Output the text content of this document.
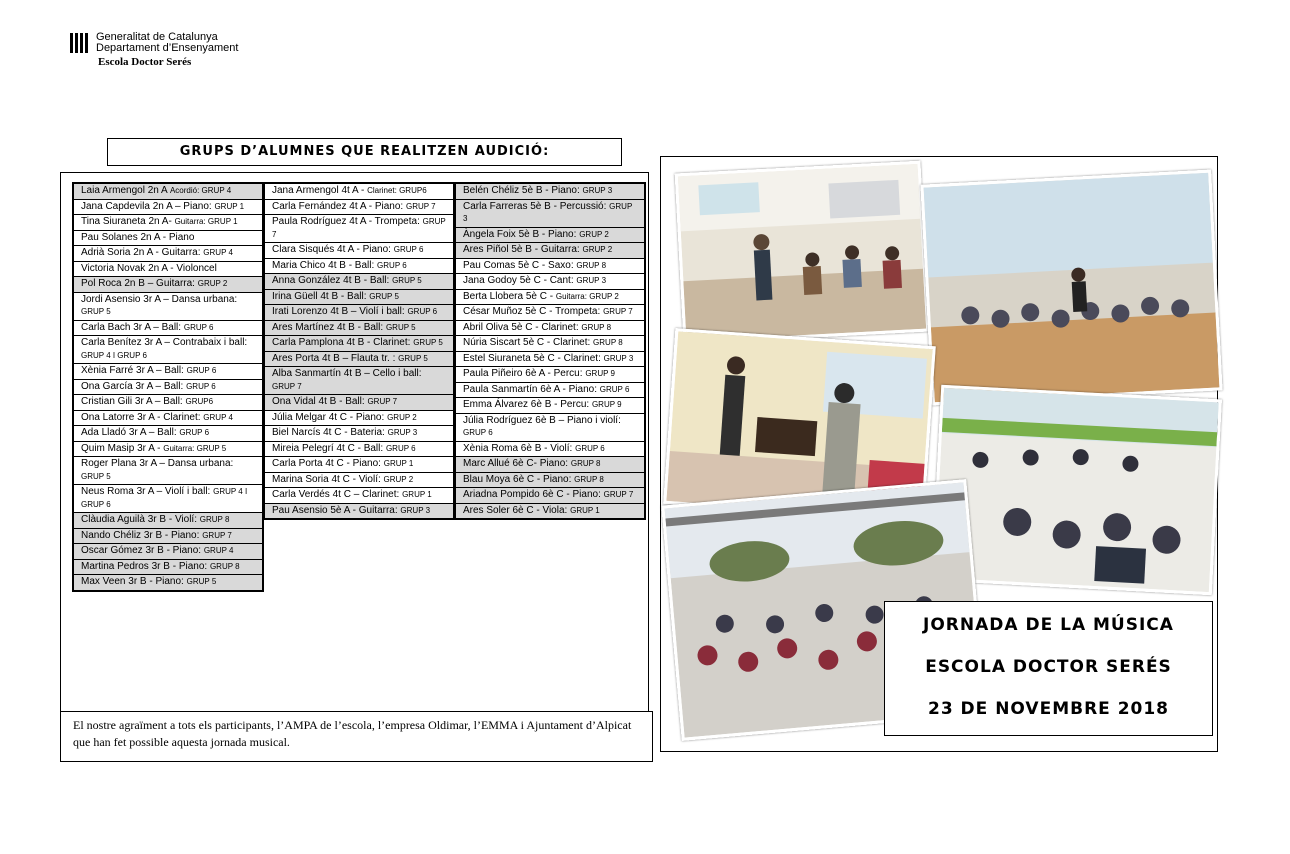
Generalitat de Catalunya
Departament d’Ensenyament
Escola Doctor Serés
GRUPS D’ALUMNES QUE REALITZEN AUDICIÓ:
Laia Armengol 2n A Acordió: GRUP 4
Jana Capdevila 2n A – Piano: GRUP 1
Tina Siuraneta 2n A- Guitarra: GRUP 1
Pau Solanes 2n A - Piano
Adrià Soria 2n A - Guitarra: GRUP 4
Victoria Novak 2n A - Violoncel
Pol Roca 2n B – Guitarra: GRUP 2
Jordi Asensio 3r A – Dansa urbana: GRUP 5
Carla Bach 3r A – Ball: GRUP 6
Carla Benítez 3r A – Contrabaix i ball: GRUP 4 I GRUP 6
Xènia Farré 3r A – Ball: GRUP 6
Ona García 3r A – Ball: GRUP 6
Cristian Gili 3r A – Ball: GRUP6
Ona Latorre 3r A - Clarinet: GRUP 4
Ada Lladó 3r A – Ball: GRUP 6
Quim Masip 3r A - Guitarra: GRUP 5
Roger Plana 3r A – Dansa urbana: GRUP 5
Neus Roma 3r A – Violí i ball: GRUP 4 I GRUP 6
Clàudia Aguilà 3r B - Violí: GRUP 8
Nando Chéliz 3r B - Piano: GRUP 7
Oscar Gómez 3r B - Piano: GRUP 4
Martina Pedros 3r B - Piano: GRUP 8
Max Veen 3r B - Piano: GRUP 5
Jana Armengol 4t A - Clarinet: GRUP6
Carla Fernández 4t A - Piano: GRUP 7
Paula Rodríguez 4t A - Trompeta: GRUP 7
Clara Sisqués 4t A - Piano: GRUP 6
Maria Chico 4t B - Ball: GRUP 6
Anna González 4t B - Ball: GRUP 5
Irina Güell 4t B - Ball: GRUP 5
Irati Lorenzo 4t B – Violí i ball: GRUP 6
Ares Martínez 4t B - Ball: GRUP 5
Carla Pamplona 4t B - Clarinet: GRUP 5
Ares Porta 4t B – Flauta tr. : GRUP 5
Alba Sanmartín 4t B – Cello i ball: GRUP 7
Ona Vidal 4t B - Ball: GRUP 7
Júlia Melgar 4t C - Piano: GRUP 2
Biel Narcís 4t C - Bateria: GRUP 3
Mireia Pelegrí 4t C - Ball: GRUP 6
Carla Porta 4t C - Piano: GRUP 1
Marina Soria 4t C - Violí: GRUP 2
Carla Verdés 4t C – Clarinet: GRUP 1
Pau Asensio 5è A - Guitarra: GRUP 3
Belén Chéliz 5è B - Piano: GRUP 3
Carla Farreras 5è B - Percussió: GRUP 3
Àngela Foix 5è B - Piano: GRUP 2
Ares Piñol 5è B - Guitarra: GRUP 2
Pau Comas 5è C - Saxo: GRUP 8
Jana Godoy 5è C - Cant: GRUP 3
Berta Llobera 5è C - Guitarra: GRUP 2
César Muñoz 5è C - Trompeta: GRUP 7
Abril Oliva 5è C - Clarinet: GRUP 8
Núria Siscart 5è C - Clarinet: GRUP 8
Estel Siuraneta 5è C - Clarinet: GRUP 3
Paula Piñeiro 6è A - Percu: GRUP 9
Paula Sanmartín 6è A - Piano: GRUP 6
Emma Álvarez 6è B - Percu: GRUP 9
Júlia Rodríguez 6è B – Piano i violí: GRUP 6
Xènia Roma 6è B - Violí: GRUP 6
Marc Allué 6è C- Piano: GRUP 8
Blau Moya 6è C - Piano: GRUP 8
Ariadna Pompido 6è C - Piano: GRUP 7
Ares Soler 6è C - Viola: GRUP 1
El nostre agraïment a tots els participants, l’AMPA de l’escola, l’empresa Oldimar, l’EMMA i Ajuntament d’Alpicat que han fet possible aquesta jornada musical.
JORNADA DE LA MÚSICA
ESCOLA DOCTOR SERÉS
23 DE NOVEMBRE 2018
